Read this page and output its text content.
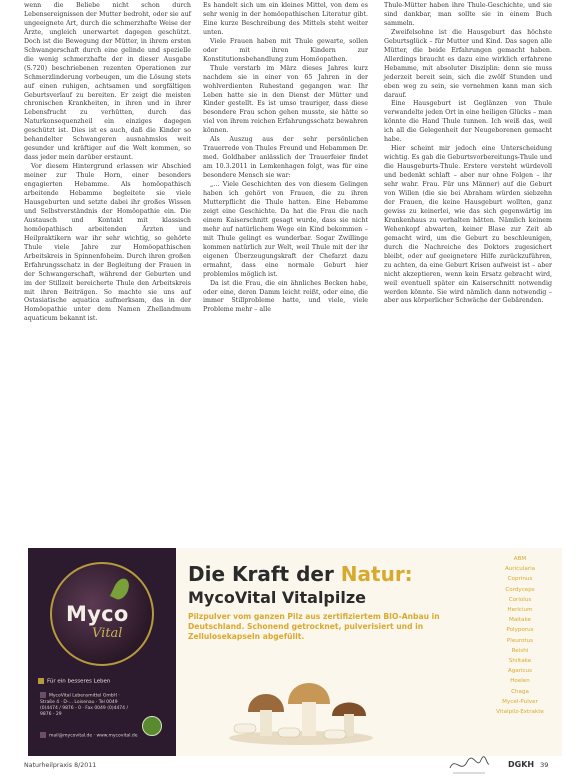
wenn die Beliebe nicht schon durch Lebensereignissen der Mutter bedroht, oder sie auf ungeeignete Art, durch die schmerzhafte Weise der Ärzte, ungleich unerwartet dagegen geschützt. Doch ist die Bewegung der Mütter, in ihrem ersten Schwangerschaft durch eine gelinde und spezielle die wenig schmerzhafte der in dieser Ausgabe (S.720) beschriebenen rezenten Operationen zur Schmerzlinderung vorbeugen, um die Lösung stets auf einen ruhigen, achtsamen und sorgfältigen Geburtsverlauf zu bereiten. Er zeigt die meisten chronischen Krankheiten, in ihren und in ihrer Lebensfrucht zu verhütten, durch das Naturkonsequenzheil ein einziges dagegen geschützt ist. Dies ist es auch, daß die Kinder so behandelter Schwangeren ausnahmslos weit gesunder und kräftiger auf die Welt kommen, so dass jeder mein darüber erstaunt.

Vor diesem Hintergrund erlassen wir Abschied meiner zur Thule Horn, einer besonders engagierten Hebamme. Als homöopathisch arbeitende Hebamme begleitete sie viele Hausgeburten und setzte dabei ihr großes Wissen und Selbstverständnis der Homöopathie ein. Die Austausch und Kontakt mit klassisch homöopathisch arbeitenden Ärzten und Heilpraktikern war ihr sehr wichtig, so gehörte Thule viele Jahre zur Homöopathischen Arbeitskreis in Spinnenfoheim. Durch ihren großen Erfahrungsschatz in der Begleitung der Frauen in der Schwangerschaft, während der Geburten und im der Stillzeit bereicherte Thule den Arbeitskreis mit ihren Beiträgen. So machte sie uns auf Ostasiatische aquatica aufmerksam, das in der Homöopathie unter dem Namen Zhellandmum aquaticum bekannt ist.

Es handelt sich um ein kleines Mittel, von dem es sehr wenig in der homöopathischen Literatur gibt. Eine kurze Beschreibung des Mittels steht weiter unten.

Viele Frauen haben mit Thule gewarte, sollen oder mit ihren Kindern zur Konstitutionsbehandlung zum Homöopathen.

Thule verstarb im März dieses Jahres kurz nachdem sie in einer von 65 Jahren in der wohlverdienten Ruhestand gegangen war. Ihr Leben hatte sie in den Dienst der Mütter und Kinder gestellt. Es ist umso trauriger, dass diese besondere Frau schon gehen musste, sie hätte so viel von ihrem reichen Erfahrungsschatz bewahren können.

Als Auszug aus der sehr persönlichen Trauerrede von Thules Freund und Hebammen Dr. med. Goldhaber anlässlich der Trauerfeier findet am 10.3.2011 in Lemkenhagen folgt, was für eine besondere Mensch sie war:

„… Viele Geschichten des von diesem Gelingen haben ich gehört von Frauen, die zu ihren Mutterpflicht die Thule hatten. Eine Hebamme zeigt eine Geschichte. Da hat die Frau die nach einem Kaiserschnitt gesagt wurde, dass sie nicht mehr auf natürlichem Wege ein Kind bekommen – mit Thule gelingt es wunderbar. Sogar Zwillinge kommen natürlich zur Welt, weil Thule mit der ihr eigenen Überzeugungskraft der Chefarzt dazu ermahnt, dass eine normale Geburt hier problemlos möglich ist.

Da ist die Frau, die ein ähnliches Becken habe, oder eine, deren Damm leicht reißt, oder eine, die immer Stillprobleme hatte, und viele, viele Probleme mehr – alle

Thule-Mütter haben ihre Thule-Geschichte, und sie sind dankbar, man sollte sie in einem Buch sammeln.

Zweifelsohne ist die Hausgeburt das höchste Geburtsglück – für Mutter und Kind. Das sagen alle Mütter, die beide Erfahrungen gemacht haben. Allerdings braucht es dazu eine wirklich erfahrene Hebamme, mit absoluter Disziplin: denn sie muss jederzeit bereit sein, sich die zwölf Stunden und eben weg zu sein, sie vernehmen kann man sich darauf.

Eine Hausgeburt ist Geglänzen von Thule verwandelte jeden Ort in eine heiligen Glücks – man könnte die Hand Thule tunnen. Ich weiß das, weil ich all die Gelegenheit der Neugeborenen gemacht habe.

Hier scheint mir jedoch eine Unterscheidung wichtig. Es gab die Geburtsvorbereitungs-Thule und die Hausgeburts-Thule. Erstere versteht würdevoll und bedenkt schlaft – aber nur ohne Folgen – ihr sehr wahr. Frau. Für uns Männer) auf die Geburt von Willen (die sie bei Abraham würden siebzehn der Frauen, die keine Hausgeburt wollten, ganz gewiss zu keinerlei, wie das sich gegenwärtig im Krankenhaus zu verhalten hätten. Nämlich keinem Wehenkopf abwarten, keiner Blase zur Zeit ab gemacht wird, um die Geburt zu beschleunigen, durch die Nachreiche des Doktors zugesichert bleibt, oder auf geeignetere Hilfe zurückzuführen, zu achten, da eine Geburt Krisen aufweist ist – aber nicht akzeptieren, wenn kein Ersatz gebracht wird, weil eventuell später ein Kaiserschnitt notwendig werden könnte. Sie wird nämlich dann notwendig – aber aus körperlicher Schwäche der Gebärenden.

Myco
Vital
Für ein besseres Leben
MycoVital Lebensmittel GmbH · Straße 4 · D-… Loisenau · Tel 0049 (0)4474 / 9876 - 0 · Fax 0049 (0)4474 / 9876 - 29
mail@mycovital.de · www.mycovital.de
Die Kraft der Natur:
MycoVital Vitalpilze
Pilzpulver vom ganzen Pilz aus zertifiziertem BIO-Anbau in Deutschland. Schonend getrocknet, pulverisiert und in Zellulosekapseln abgefüllt.
ABM
Auricularia
Coprinus
Cordyceps
Coriolus
Hericium
Maitake
Polyporus
Pleurotus
Reishi
Shiitake
Agaricus
Hoelen
Chaga
Mycel-Pulver
Vitalpilz-Extrakte
Naturheilpraxis 8/2011	DGKH 39
